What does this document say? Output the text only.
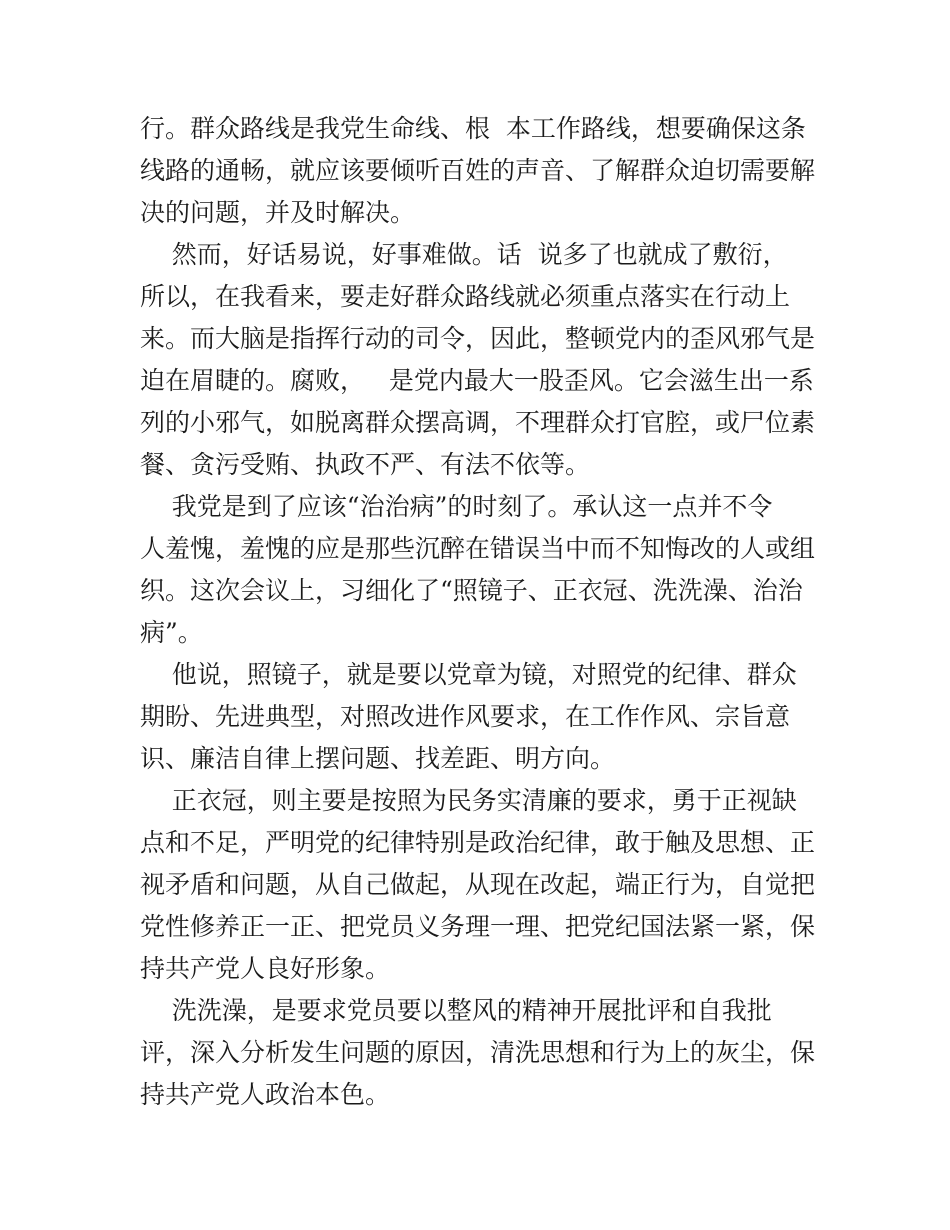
行。群众路线是我党生命线、根  本工作路线，想要确保这条
线路的通畅，就应该要倾听百姓的声音、了解群众迫切需要解
决的问题，并及时解决。
然而，好话易说，好事难做。话  说多了也就成了敷衍，
所以，在我看来，要走好群众路线就必须重点落实在行动上
来。而大脑是指挥行动的司令，因此，整顿党内的歪风邪气是
迫在眉睫的。腐败，   是党内最大一股歪风。它会滋生出一系
列的小邪气，如脱离群众摆高调，不理群众打官腔，或尸位素
餐、贪污受贿、执政不严、有法不依等。
我党是到了应该“治治病”的时刻了。承认这一点并不令
人羞愧，羞愧的应是那些沉醉在错误当中而不知悔改的人或组
织。这次会议上，习细化了“照镜子、正衣冠、洗洗澡、治治
病”。
他说，照镜子，就是要以党章为镜，对照党的纪律、群众
期盼、先进典型，对照改进作风要求，在工作作风、宗旨意
识、廉洁自律上摆问题、找差距、明方向。
正衣冠，则主要是按照为民务实清廉的要求，勇于正视缺
点和不足，严明党的纪律特别是政治纪律，敢于触及思想、正
视矛盾和问题，从自己做起，从现在改起，端正行为，自觉把
党性修养正一正、把党员义务理一理、把党纪国法紧一紧，保
持共产党人良好形象。
洗洗澡，是要求党员要以整风的精神开展批评和自我批
评，深入分析发生问题的原因，清洗思想和行为上的灰尘，保
持共产党人政治本色。
